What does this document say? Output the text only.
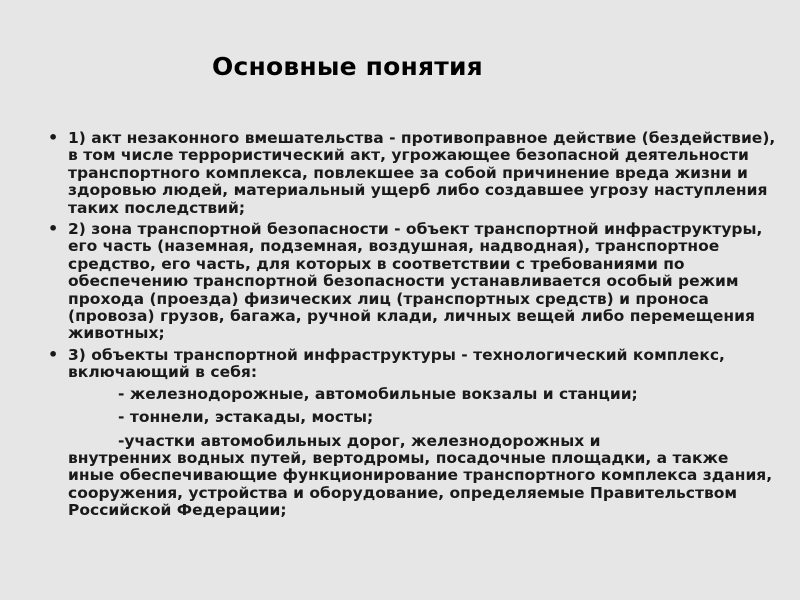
Основные понятия
• 1) акт незаконного вмешательства - противоправное действие (бездействие), в том числе террористический акт, угрожающее безопасной деятельности транспортного комплекса, повлекшее за собой причинение вреда жизни и здоровью людей, материальный ущерб либо создавшее угрозу наступления таких последствий;
• 2) зона транспортной безопасности - объект транспортной инфраструктуры, его часть (наземная, подземная, воздушная, надводная), транспортное средство, его часть, для которых в соответствии с требованиями по обеспечению транспортной безопасности устанавливается особый режим прохода (проезда) физических лиц (транспортных средств) и проноса (провоза) грузов, багажа, ручной клади, личных вещей либо перемещения животных;
• 3) объекты транспортной инфраструктуры - технологический комплекс, включающий в себя:
- железнодорожные, автомобильные вокзалы и станции;
- тоннели, эстакады, мосты;
-участки автомобильных дорог, железнодорожных и
внутренних водных путей, вертодромы, посадочные площадки, а также иные обеспечивающие функционирование транспортного комплекса здания, сооружения, устройства и оборудование, определяемые Правительством Российской Федерации;
